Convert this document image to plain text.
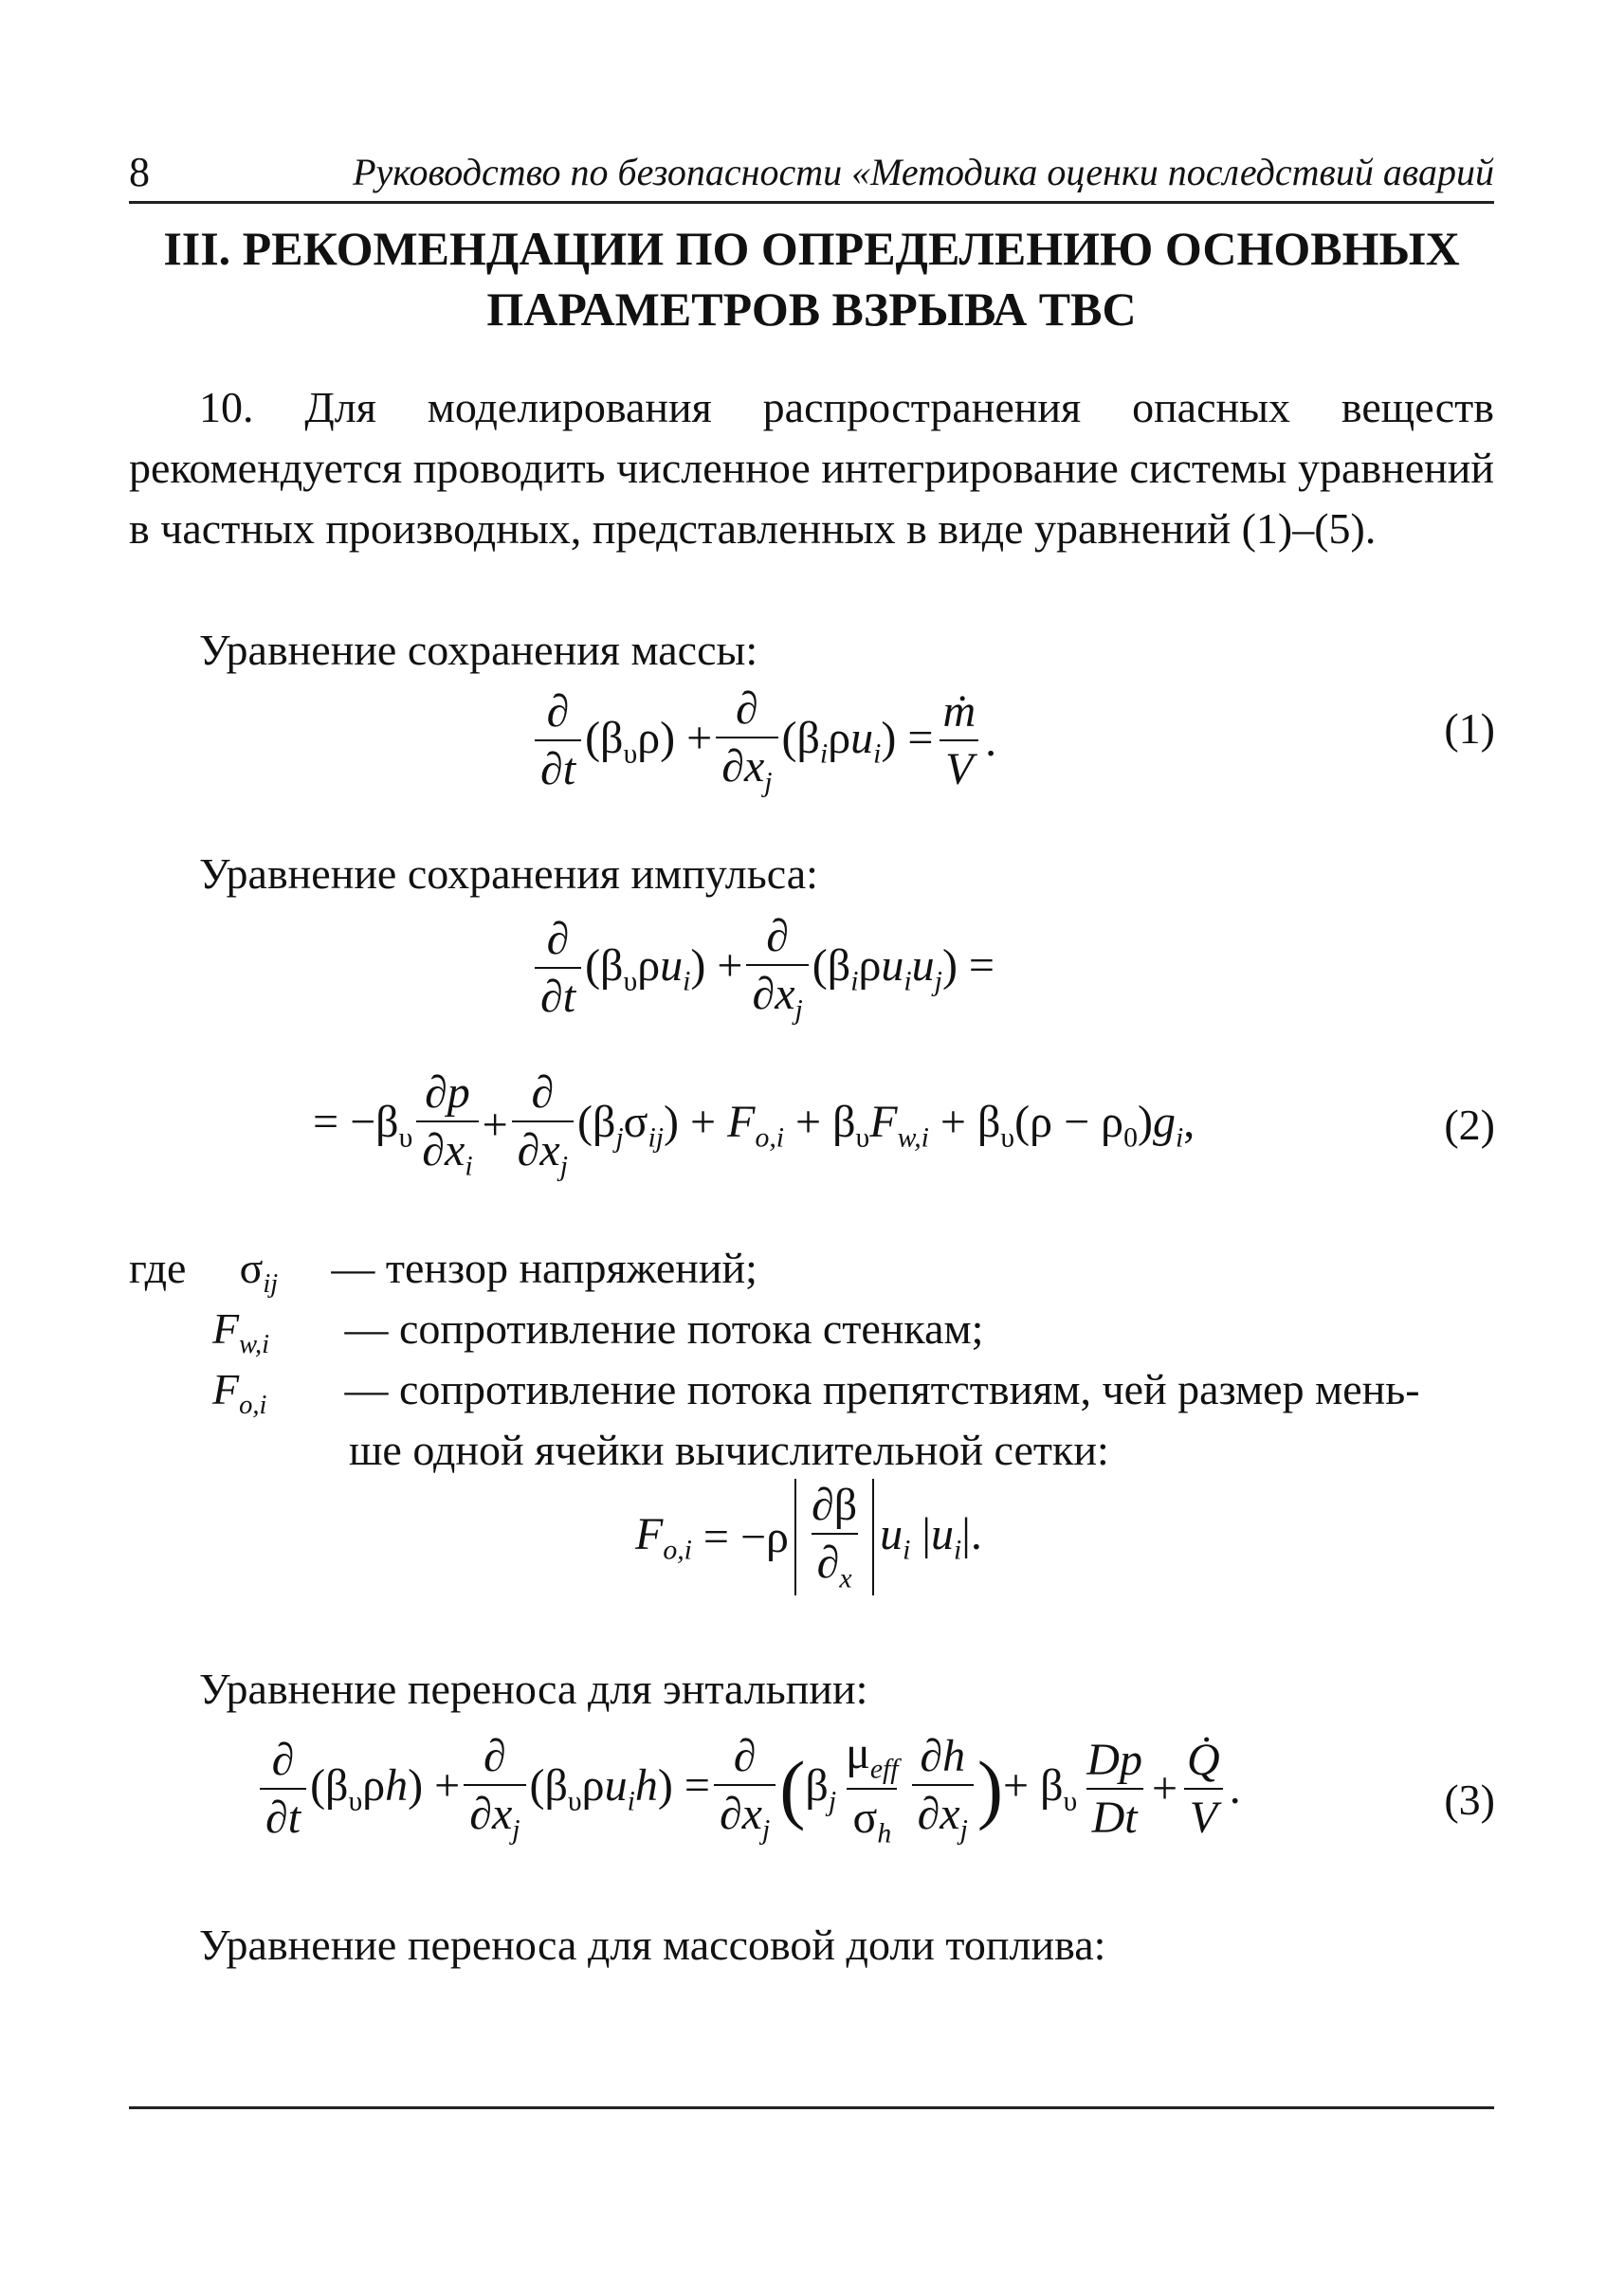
8	Руководство по безопасности «Методика оценки последствий аварий
III. РЕКОМЕНДАЦИИ ПО ОПРЕДЕЛЕНИЮ ОСНОВНЫХ
ПАРАМЕТРОВ ВЗРЫВА ТВС
10. Для моделирования распространения опасных веществ рекомендуется проводить численное интегрирование системы уравнений в частных производных, представленных в виде уравнений (1)–(5).
Уравнение сохранения массы:
∂
∂t
$(\beta_\upsilon\rho)$ +
∂
$\partial x_j$
$(\beta_i\rho u_i) = \frac{\text{ṁ}}{V}$ .	(1)
Уравнение сохранения импульса:
∂
∂t
$(\beta_\upsilon\rho u_i)$ +
∂
$\partial x_j$
$(\beta_i\rho u_iu_j)$ =
= $-\beta_\upsilon$
∂p
$\partial x_i$
+
∂
$\partial x_j$
$(\beta_j\sigma_{ij}) + F_{o,i} + \beta_\upsilon F_{w,i} + \beta_\upsilon(\rho - \rho_0)g_i$,	(2)
где $\sigma_{ij}$ — тензор напряжений;
$F_{w,i}$ — сопротивление потока стенкам;
$F_{o,i}$ — сопротивление потока препятствиям, чей размер мень-
ше одной ячейки вычислительной сетки:
$F_{o,i} = -\rho$
∂β
$\partial_x$
$u_i$ $|u_i|$.
Уравнение переноса для энтальпии:
∂
∂t
$(\beta_\upsilon\rho h)$ +
∂
$\partial x_j$
$(\beta_\upsilon\rho u_ih)$ =
∂
$\partial x_j$ ( $\beta_j$
$\mu_{eff}$
$\sigma_h$
∂h
$\partial x_j$ ) + $\beta_\upsilon$
Dp
Dt
+ $\frac{Q̇}{V}$ .	(3)
Уравнение переноса для массовой доли топлива:
